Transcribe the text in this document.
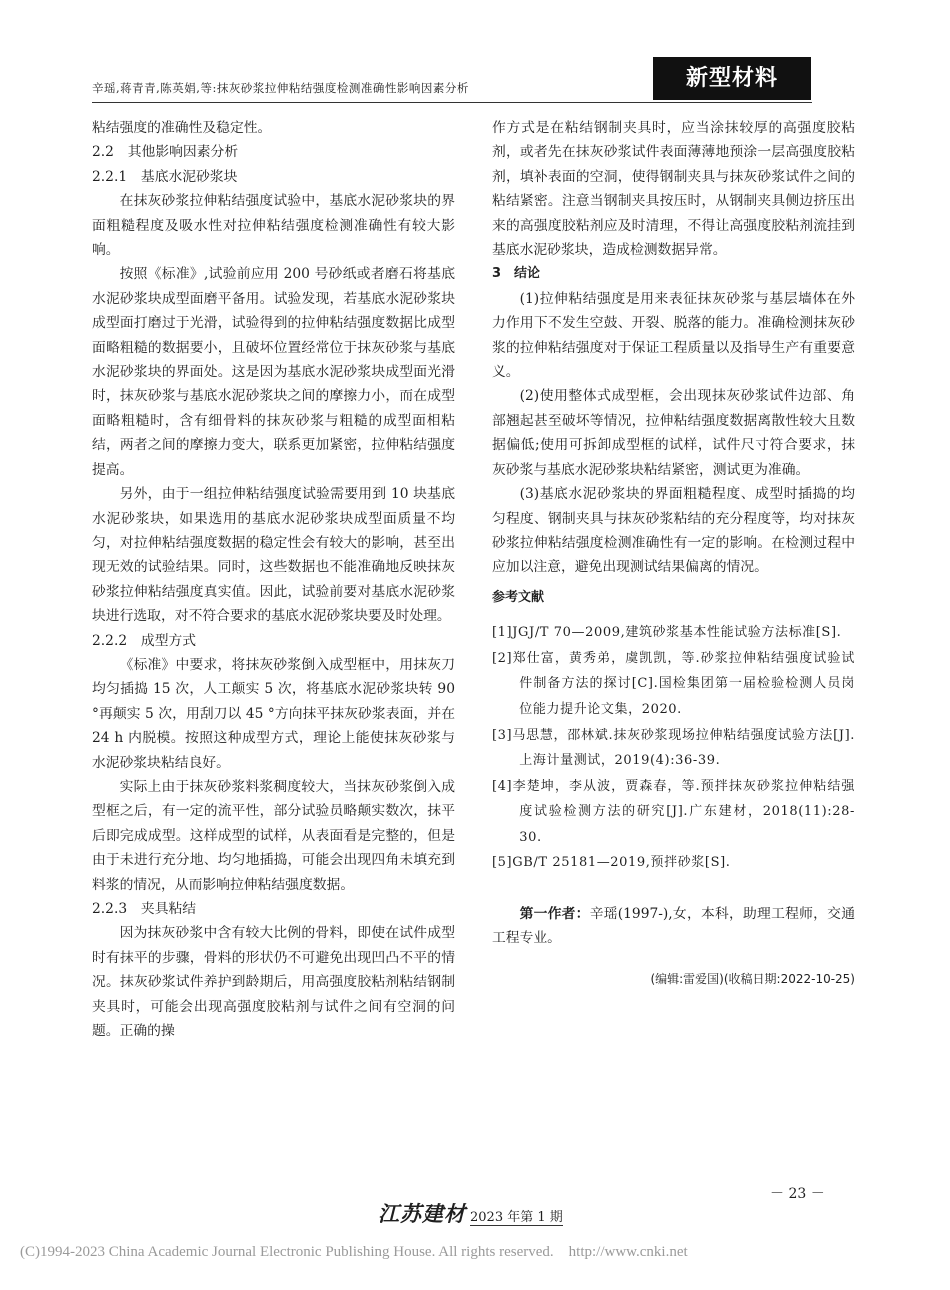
辛瑶,蒋青青,陈英娟,等:抹灰砂浆拉伸粘结强度检测准确性影响因素分析	新型材料

粘结强度的准确性及稳定性。

2.2　其他影响因素分析

2.2.1　基底水泥砂浆块

在抹灰砂浆拉伸粘结强度试验中，基底水泥砂浆块的界面粗糙程度及吸水性对拉伸粘结强度检测准确性有较大影响。

按照《标准》,试验前应用 200 号砂纸或者磨石将基底水泥砂浆块成型面磨平备用。试验发现，若基底水泥砂浆块成型面打磨过于光滑，试验得到的拉伸粘结强度数据比成型面略粗糙的数据要小，且破坏位置经常位于抹灰砂浆与基底水泥砂浆块的界面处。这是因为基底水泥砂浆块成型面光滑时，抹灰砂浆与基底水泥砂浆块之间的摩擦力小，而在成型面略粗糙时，含有细骨料的抹灰砂浆与粗糙的成型面相粘结，两者之间的摩擦力变大，联系更加紧密，拉伸粘结强度提高。

另外，由于一组拉伸粘结强度试验需要用到 10 块基底水泥砂浆块，如果选用的基底水泥砂浆块成型面质量不均匀，对拉伸粘结强度数据的稳定性会有较大的影响，甚至出现无效的试验结果。同时，这些数据也不能准确地反映抹灰砂浆拉伸粘结强度真实值。因此，试验前要对基底水泥砂浆块进行选取，对不符合要求的基底水泥砂浆块要及时处理。

2.2.2　成型方式

《标准》中要求，将抹灰砂浆倒入成型框中，用抹灰刀均匀插捣 15 次，人工颠实 5 次，将基底水泥砂浆块转 90 °再颠实 5 次，用刮刀以 45 °方向抹平抹灰砂浆表面，并在 24 h 内脱模。按照这种成型方式，理论上能使抹灰砂浆与水泥砂浆块粘结良好。

实际上由于抹灰砂浆料浆稠度较大，当抹灰砂浆倒入成型框之后，有一定的流平性，部分试验员略颠实数次，抹平后即完成成型。这样成型的试样，从表面看是完整的，但是由于未进行充分地、均匀地插捣，可能会出现四角未填充到料浆的情况，从而影响拉伸粘结强度数据。

2.2.3　夹具粘结

因为抹灰砂浆中含有较大比例的骨料，即使在试件成型时有抹平的步骤，骨料的形状仍不可避免出现凹凸不平的情况。抹灰砂浆试件养护到龄期后，用高强度胶粘剂粘结钢制夹具时，可能会出现高强度胶粘剂与试件之间有空洞的问题。正确的操

作方式是在粘结钢制夹具时，应当涂抹较厚的高强度胶粘剂，或者先在抹灰砂浆试件表面薄薄地预涂一层高强度胶粘剂，填补表面的空洞，使得钢制夹具与抹灰砂浆试件之间的粘结紧密。注意当钢制夹具按压时，从钢制夹具侧边挤压出来的高强度胶粘剂应及时清理，不得让高强度胶粘剂流挂到基底水泥砂浆块，造成检测数据异常。

3　结论

(1)拉伸粘结强度是用来表征抹灰砂浆与基层墙体在外力作用下不发生空鼓、开裂、脱落的能力。准确检测抹灰砂浆的拉伸粘结强度对于保证工程质量以及指导生产有重要意义。

(2)使用整体式成型框，会出现抹灰砂浆试件边部、角部翘起甚至破坏等情况，拉伸粘结强度数据离散性较大且数据偏低;使用可拆卸成型框的试样，试件尺寸符合要求，抹灰砂浆与基底水泥砂浆块粘结紧密，测试更为准确。

(3)基底水泥砂浆块的界面粗糙程度、成型时插捣的均匀程度、钢制夹具与抹灰砂浆粘结的充分程度等，均对抹灰砂浆拉伸粘结强度检测准确性有一定的影响。在检测过程中应加以注意，避免出现测试结果偏离的情况。

参考文献
[1]JGJ/T 70—2009,建筑砂浆基本性能试验方法标准[S].
[2]郑仕富，黄秀弟，虞凯凯，等.砂浆拉伸粘结强度试验试件制备方法的探讨[C].国检集团第一届检验检测人员岗位能力提升论文集，2020.
[3]马思慧，邵林斌.抹灰砂浆现场拉伸粘结强度试验方法[J].上海计量测试，2019(4):36-39.
[4]李楚坤，李从波，贾森春，等.预拌抹灰砂浆拉伸粘结强度试验检测方法的研究[J].广东建材，2018(11):28-30.
[5]GB/T 25181—2019,预拌砂浆[S].
第一作者：辛瑶(1997-),女，本科，助理工程师，交通工程专业。
(编辑:雷爱国)(收稿日期:2022-10-25)
－ 23 －
江苏建材 2023 年第 1 期
(C)1994-2023 China Academic Journal Electronic Publishing House. All rights reserved.　http://www.cnki.net
